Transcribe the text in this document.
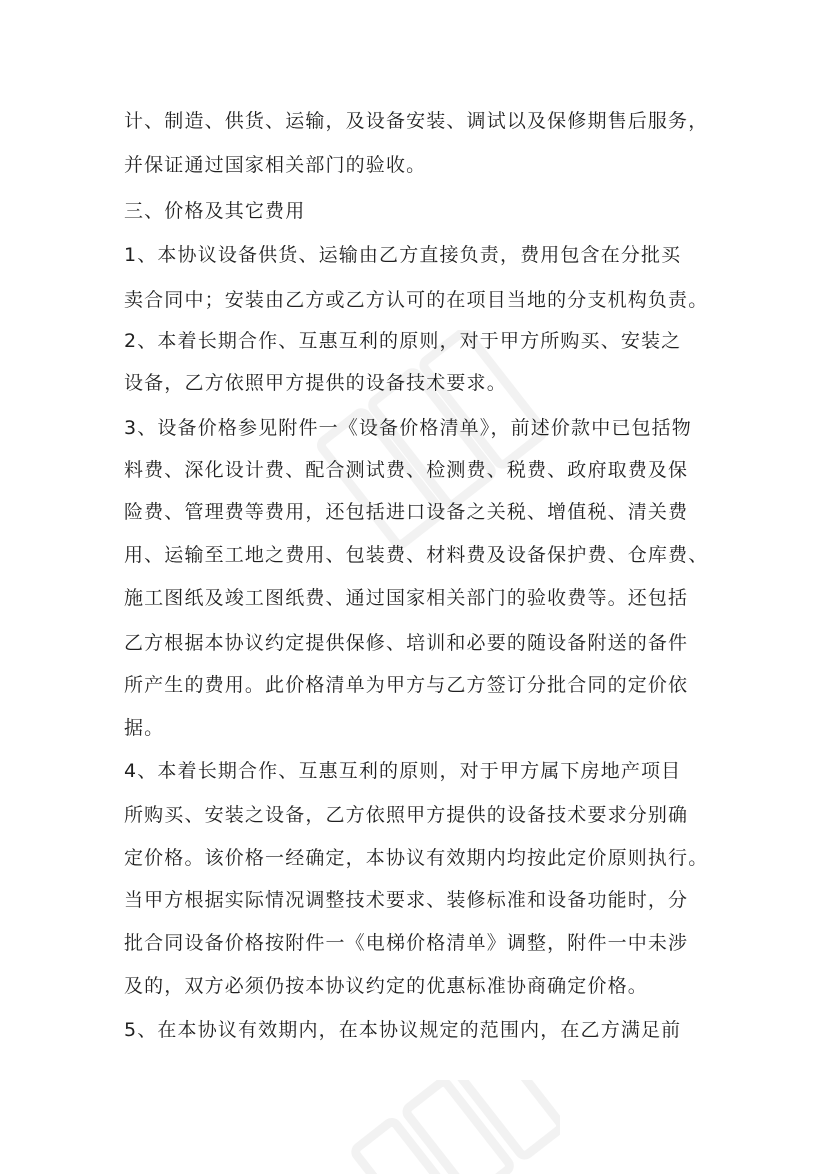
计、制造、供货、运输，及设备安装、调试以及保修期售后服务，
并保证通过国家相关部门的验收。
三、价格及其它费用
1、本协议设备供货、运输由乙方直接负责，费用包含在分批买
卖合同中；安装由乙方或乙方认可的在项目当地的分支机构负责。
2、本着长期合作、互惠互利的原则，对于甲方所购买、安装之
设备，乙方依照甲方提供的设备技术要求。
3、设备价格参见附件一《设备价格清单》，前述价款中已包括物
料费、深化设计费、配合测试费、检测费、税费、政府取费及保
险费、管理费等费用，还包括进口设备之关税、增值税、清关费
用、运输至工地之费用、包装费、材料费及设备保护费、仓库费、
施工图纸及竣工图纸费、通过国家相关部门的验收费等。还包括
乙方根据本协议约定提供保修、培训和必要的随设备附送的备件
所产生的费用。此价格清单为甲方与乙方签订分批合同的定价依
据。
4、本着长期合作、互惠互利的原则，对于甲方属下房地产项目
所购买、安装之设备，乙方依照甲方提供的设备技术要求分别确
定价格。该价格一经确定，本协议有效期内均按此定价原则执行。
当甲方根据实际情况调整技术要求、装修标准和设备功能时，分
批合同设备价格按附件一《电梯价格清单》调整，附件一中未涉
及的，双方必须仍按本协议约定的优惠标准协商确定价格。
5、在本协议有效期内，在本协议规定的范围内，在乙方满足前
